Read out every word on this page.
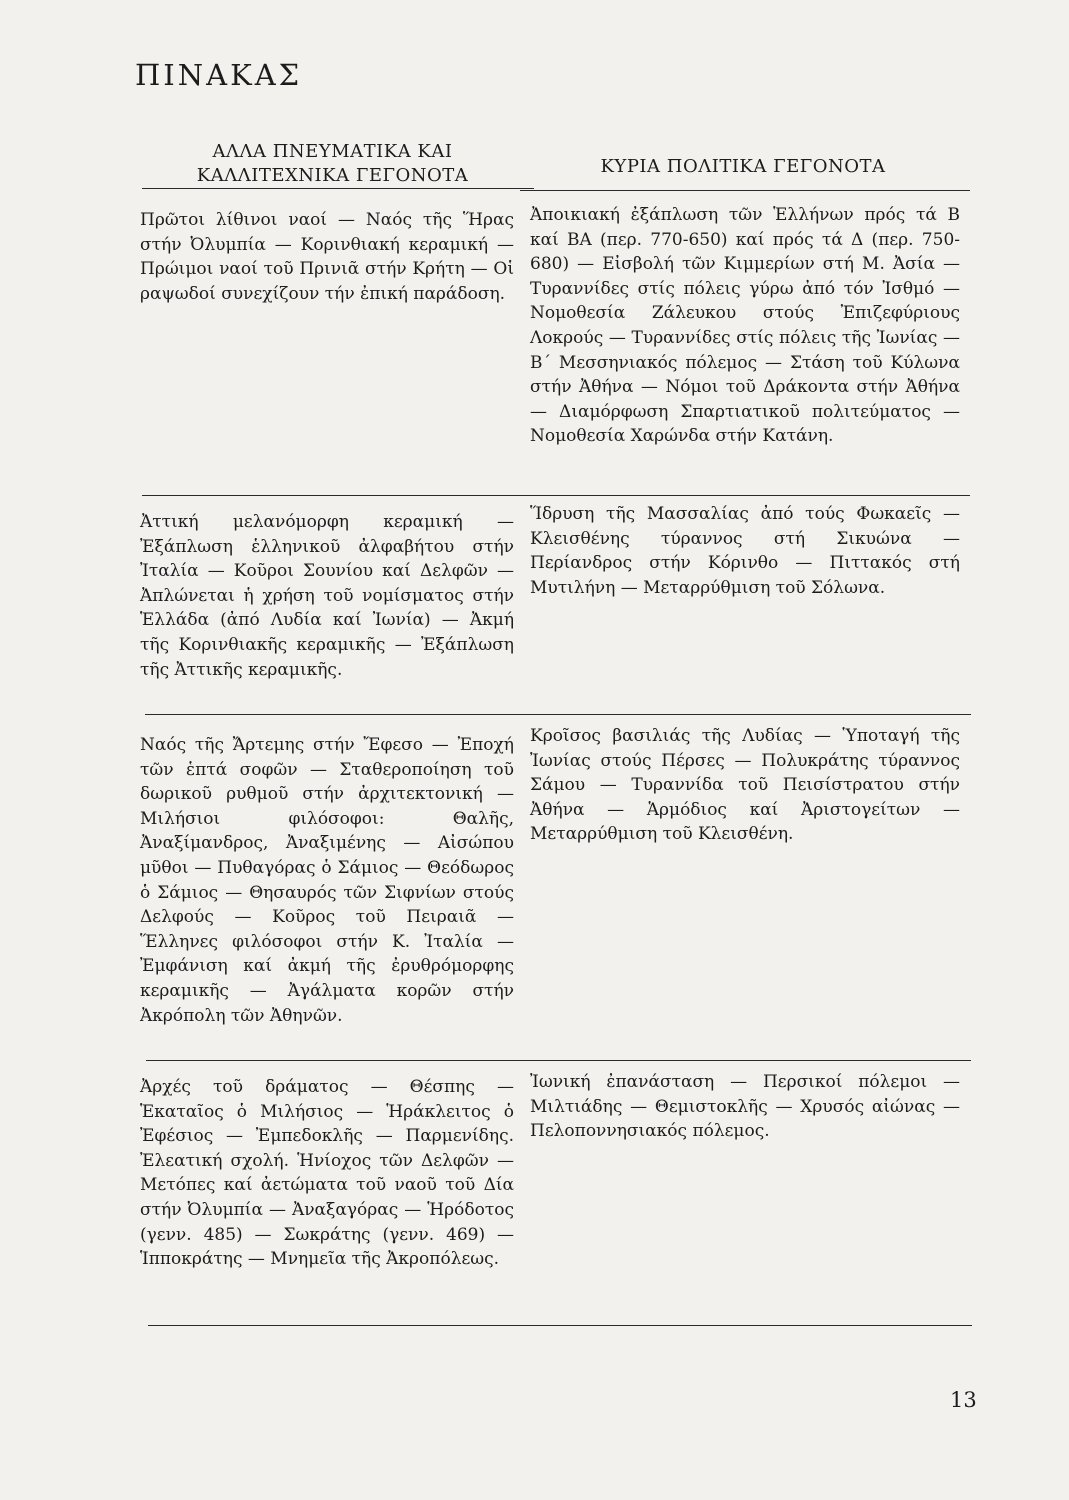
ΠΙΝΑΚΑΣ
ΑΛΛΑ ΠΝΕΥΜΑΤΙΚΑ ΚΑΙ
ΚΑΛΛΙΤΕΧΝΙΚΑ ΓΕΓΟΝΟΤΑ	ΚΥΡΙΑ ΠΟΛΙΤΙΚΑ ΓΕΓΟΝΟΤΑ

Πρῶτοι λίθινοι ναοί — Ναός τῆς Ἥρας στήν Ὀλυμπία — Κορινθιακή κεραμική — Πρώιμοι ναοί τοῦ Πρινιᾶ στήν Κρήτη — Οἱ ραψωδοί συνεχίζουν τήν ἐπική παράδοση.

Ἀποικιακή ἐξάπλωση τῶν Ἑλλήνων πρός τά Β καί ΒΑ (περ. 770-650) καί πρός τά Δ (περ. 750-680) — Εἰσβολή τῶν Κιμμερίων στή Μ. Ἀσία — Τυραννίδες στίς πόλεις γύρω ἀπό τόν Ἰσθμό — Νομοθεσία Ζάλευκου στούς Ἐπιζεφύριους Λοκρούς — Τυραννίδες στίς πόλεις τῆς Ἰωνίας — Β΄ Μεσσηνιακός πόλεμος — Στάση τοῦ Κύλωνα στήν Ἀθήνα — Νόμοι τοῦ Δράκοντα στήν Ἀθήνα — Διαμόρφωση Σπαρτιατικοῦ πολιτεύματος — Νομοθεσία Χαρώνδα στήν Κατάνη.

Ἀττική μελανόμορφη κεραμική — Ἐξάπλωση ἑλληνικοῦ ἀλφαβήτου στήν Ἰταλία — Κοῦροι Σουνίου καί Δελφῶν — Ἀπλώνεται ἡ χρήση τοῦ νομίσματος στήν Ἑλλάδα (ἀπό Λυδία καί Ἰωνία) — Ἀκμή τῆς Κορινθιακῆς κεραμικῆς — Ἐξάπλωση τῆς Ἀττικῆς κεραμικῆς.

Ἵδρυση τῆς Μασσαλίας ἀπό τούς Φωκαεῖς — Κλεισθένης τύραννος στή Σικυώνα — Περίανδρος στήν Κόρινθο — Πιττακός στή Μυτιλήνη — Μεταρρύθμιση τοῦ Σόλωνα.

Ναός τῆς Ἄρτεμης στήν Ἔφεσο — Ἐποχή τῶν ἑπτά σοφῶν — Σταθεροποίηση τοῦ δωρικοῦ ρυθμοῦ στήν ἀρχιτεκτονική — Μιλήσιοι φιλόσοφοι: Θαλῆς, Ἀναξίμανδρος, Ἀναξιμένης — Αἰσώπου μῦθοι — Πυθαγόρας ὁ Σάμιος — Θεόδωρος ὁ Σάμιος — Θησαυρός τῶν Σιφνίων στούς Δελφούς — Κοῦρος τοῦ Πειραιᾶ — Ἕλληνες φιλόσοφοι στήν Κ. Ἰταλία — Ἐμφάνιση καί ἀκμή τῆς ἐρυθρόμορφης κεραμικῆς — Ἀγάλματα κορῶν στήν Ἀκρόπολη τῶν Ἀθηνῶν.

Κροῖσος βασιλιάς τῆς Λυδίας — Ὑποταγή τῆς Ἰωνίας στούς Πέρσες — Πολυκράτης τύραννος Σάμου — Τυραννίδα τοῦ Πεισίστρατου στήν Ἀθήνα — Ἁρμόδιος καί Ἀριστογείτων — Μεταρρύθμιση τοῦ Κλεισθένη.

Ἀρχές τοῦ δράματος — Θέσπης — Ἑκαταῖος ὁ Μιλήσιος — Ἡράκλειτος ὁ Ἐφέσιος — Ἐμπεδοκλῆς — Παρμενίδης. Ἐλεατική σχολή. Ἡνίοχος τῶν Δελφῶν — Μετόπες καί ἀετώματα τοῦ ναοῦ τοῦ Δία στήν Ὀλυμπία — Ἀναξαγόρας — Ἡρόδοτος (γενν. 485) — Σωκράτης (γενν. 469) — Ἱπποκράτης — Μνημεῖα τῆς Ἀκροπόλεως.

Ἰωνική ἐπανάσταση — Περσικοί πόλεμοι — Μιλτιάδης — Θεμιστοκλῆς — Χρυσός αἰώνας — Πελοποννησιακός πόλεμος.

13
